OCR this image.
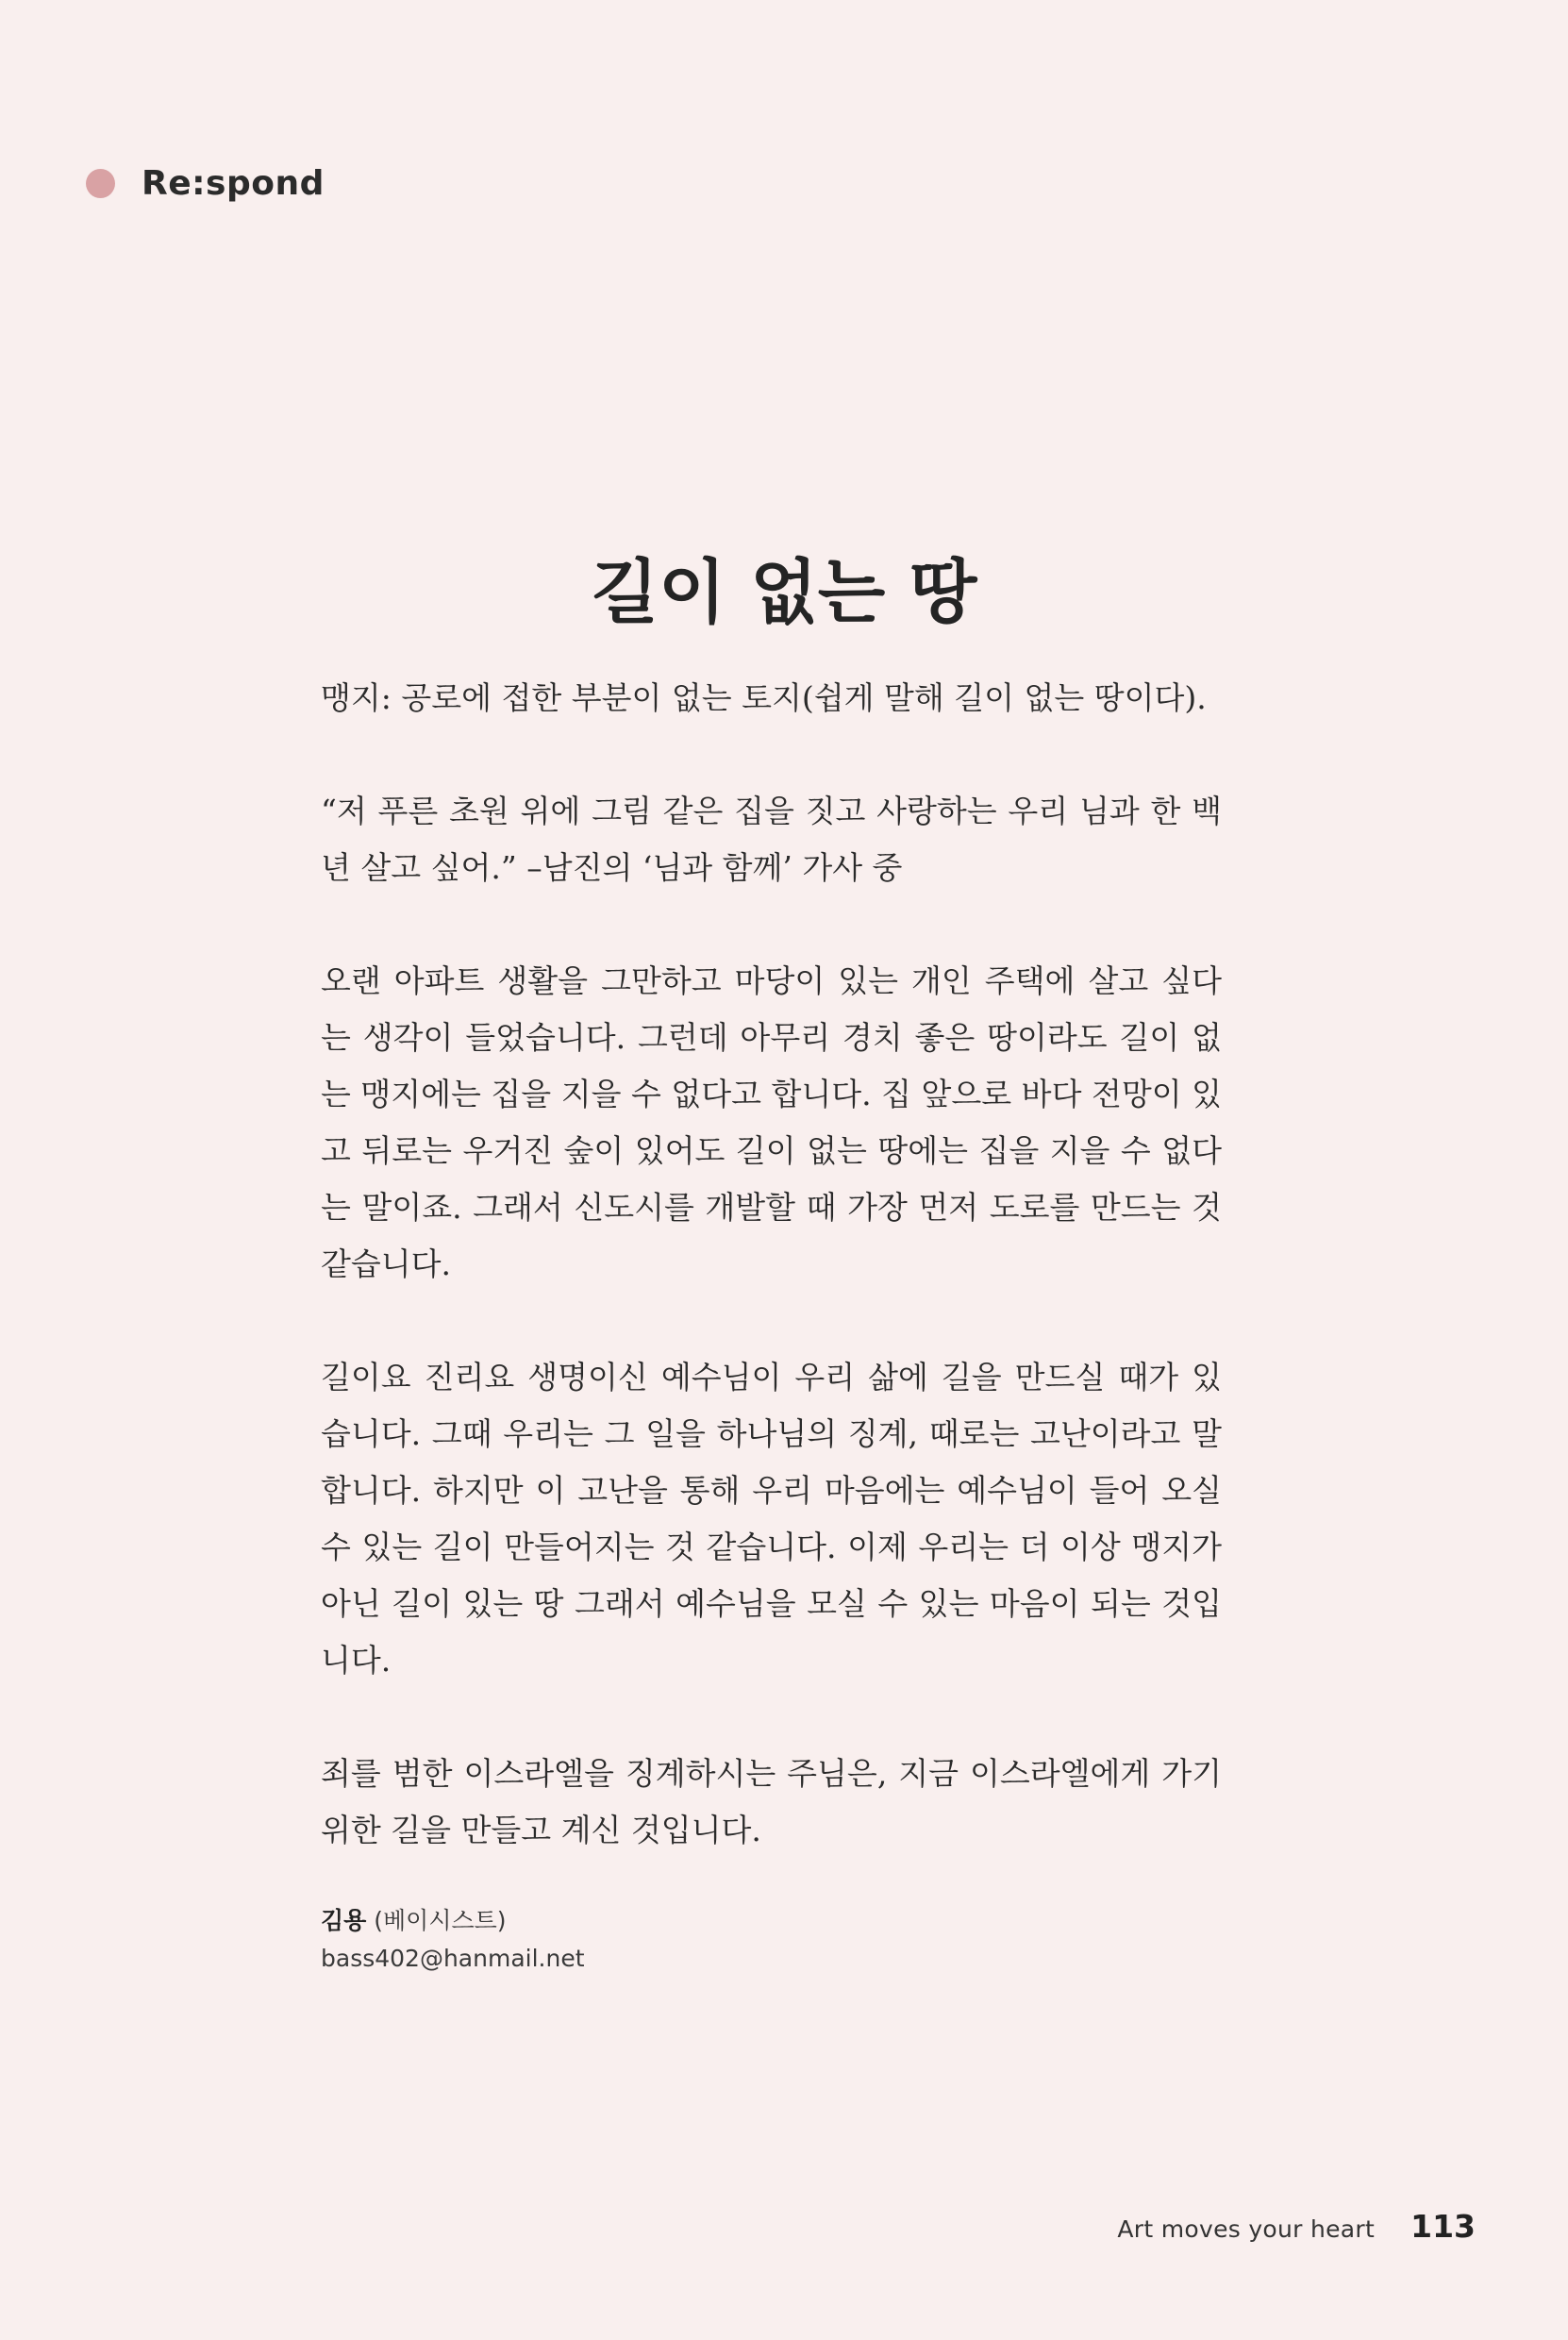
Re:spond
길이 없는 땅

맹지: 공로에 접한 부분이 없는 토지(쉽게 말해 길이 없는 땅이다).

“저 푸른 초원 위에 그림 같은 집을 짓고 사랑하는 우리 님과 한 백년 살고 싶어.” –남진의 ‘님과 함께’ 가사 중

오랜 아파트 생활을 그만하고 마당이 있는 개인 주택에 살고 싶다는 생각이 들었습니다. 그런데 아무리 경치 좋은 땅이라도 길이 없는 맹지에는 집을 지을 수 없다고 합니다. 집 앞으로 바다 전망이 있고 뒤로는 우거진 숲이 있어도 길이 없는 땅에는 집을 지을 수 없다는 말이죠. 그래서 신도시를 개발할 때 가장 먼저 도로를 만드는 것 같습니다.

길이요 진리요 생명이신 예수님이 우리 삶에 길을 만드실 때가 있습니다. 그때 우리는 그 일을 하나님의 징계, 때로는 고난이라고 말합니다. 하지만 이 고난을 통해 우리 마음에는 예수님이 들어 오실 수 있는 길이 만들어지는 것 같습니다. 이제 우리는 더 이상 맹지가 아닌 길이 있는 땅 그래서 예수님을 모실 수 있는 마음이 되는 것입니다.

죄를 범한 이스라엘을 징계하시는 주님은, 지금 이스라엘에게 가기 위한 길을 만들고 계신 것입니다.

김용 (베이시스트)
bass402@hanmail.net
Art moves your heart 113
